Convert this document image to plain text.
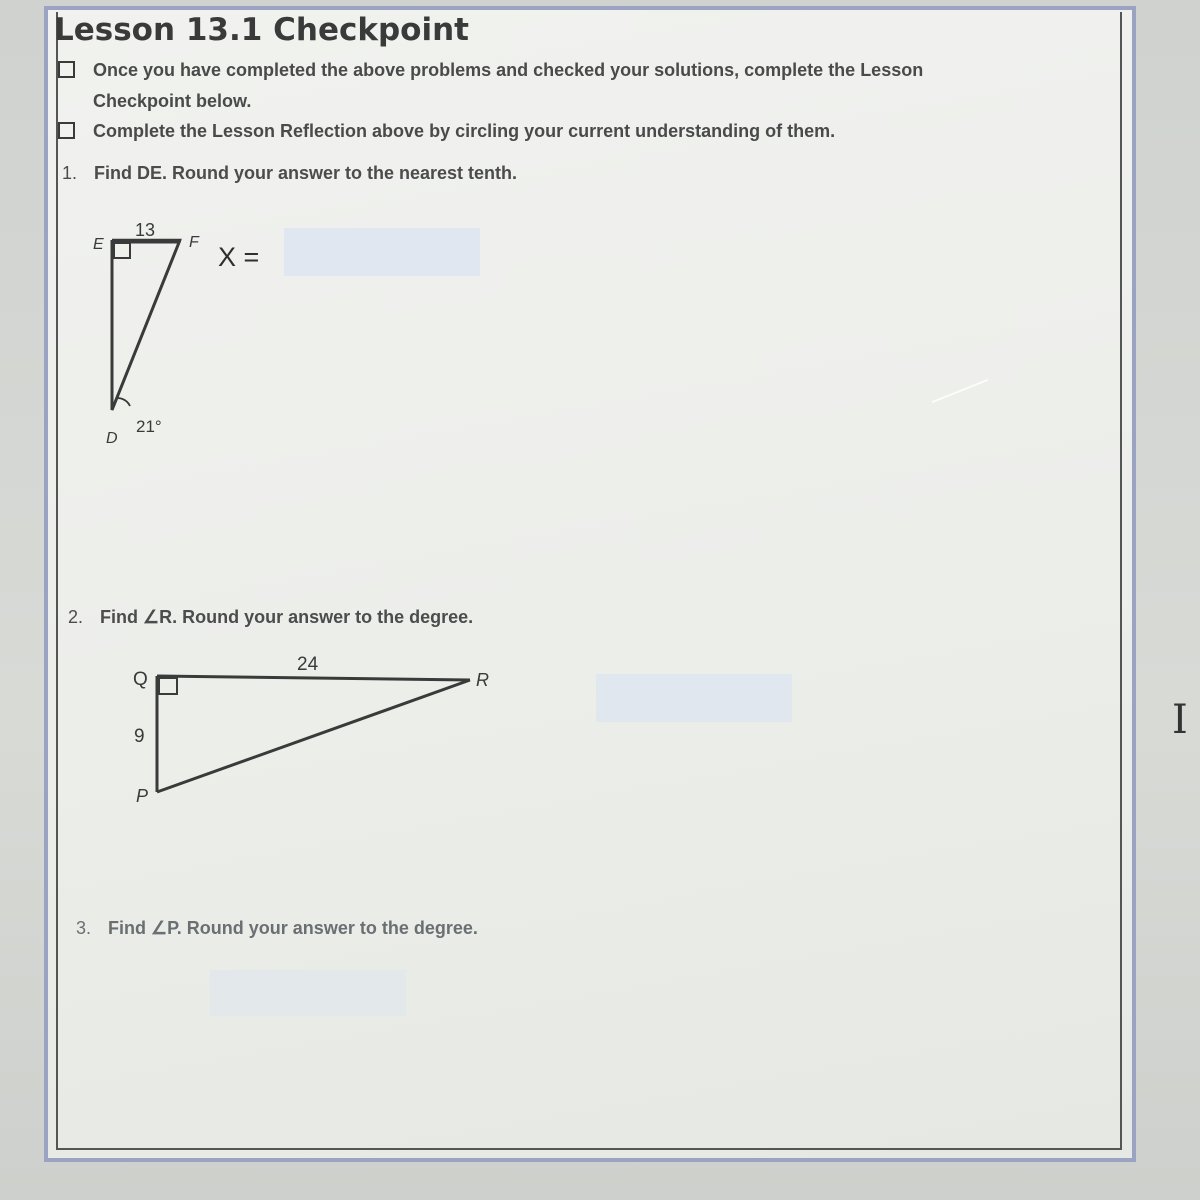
Lesson 13.1 Checkpoint
Once you have completed the above problems and checked your solutions, complete the Lesson
Checkpoint below.
Complete the Lesson Reflection above by circling your current understanding of them.
1. Find DE. Round your answer to the nearest tenth.
X =
2. Find ∠R. Round your answer to the degree.
3. Find ∠P. Round your answer to the degree.
E	F
D
13
21°
Q	R
P
24
9	I
